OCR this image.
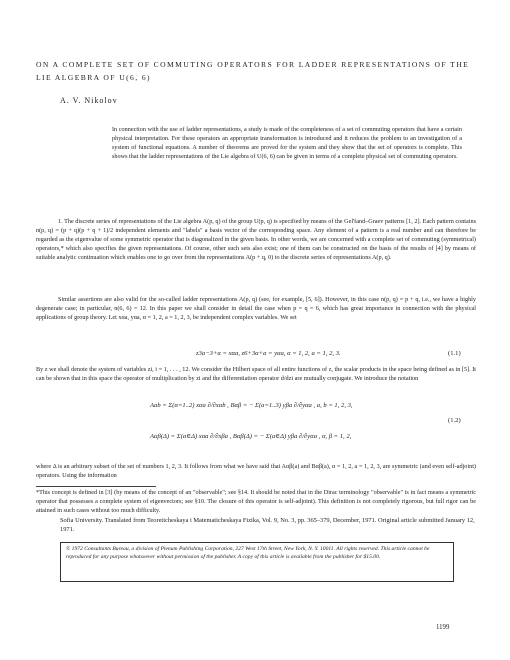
ON A COMPLETE SET OF COMMUTING OPERATORS FOR LADDER REPRESENTATIONS OF THE LIE ALGEBRA OF U(6, 6)
A. V. Nikolov
In connection with the use of ladder representations, a study is made of the completeness of a set of commuting operators that have a certain physical interpretation. For these operators an appropriate transformation is introduced and it reduces the problem to an investigation of a system of functional equations. A number of theorems are proved for the system and they show that the set of operators is complete. This shows that the ladder representations of the Lie algebra of U(6, 6) can be given in terms of a complete physical set of commuting operators.

1. The discrete series of representations of the Lie algebra A(p, q) of the group U(p, q) is specified by means of the Gel'fand–Graev patterns [1, 2]. Each pattern contains n(p, q) = (p + q)(p + q + 1)/2 independent elements and "labels" a basis vector of the corresponding space. Any element of a pattern is a real number and can therefore be regarded as the eigenvalue of some symmetric operator that is diagonalized in the given basis. In other words, we are concerned with a complete set of commuting (symmetrical) operators,* which also specifies the given representations. Of course, other such sets also exist; one of them can be constructed on the basis of the results of [4] by means of suitable analytic continuation which enables one to go over from the representations A(p + q, 0) to the discrete series of representations A(p, q).

Similar assertions are also valid for the so-called ladder representations A(p, q) (see, for example, [5, 6]). However, in this case n(p, q) = p + q, i.e., we have a highly degenerate case; in particular, n(6, 6) = 12. In this paper we shall consider in detail the case when p = q = 6, which has great importance in connection with the physical applications of group theory. Let xαa, yαa, α = 1, 2, a = 1, 2, 3, be independent complex variables. We set

z3a−3+α = xαa, z6+3α+a = yαa, α = 1, 2, a = 1, 2, 3.	(1.1)

By z we shall denote the system of variables zi, i = 1, . . . , 12. We consider the Hilbert space of all entire functions of z, the scalar products in the space being defined as in [5]. It can be shown that in this space the operator of multiplication by zi and the differentiation operator d/dzi are mutually conjugate. We introduce the notation

Aab = Σ(α=1..2) xαa ∂/∂xαb , Bαβ = − Σ(a=1..3) yβa ∂/∂yαa , a, b = 1, 2, 3,
Aαβ(Δ) = Σ(a∈Δ) xαa ∂/∂xβa , Bαβ(Δ) = − Σ(a∈Δ) yβa ∂/∂yαa , α, β = 1, 2,
(1.2)

where Δ is an arbitrary subset of the set of numbers 1, 2, 3. It follows from what we have said that Aαβ(a) and Bαβ(a), α = 1, 2, a = 1, 2, 3, are symmetric (and even self-adjoint) operators. Using the information

*This concept is defined in [3] (by means of the concept of an "observable"; see §14. It should be noted that in the Dirac terminology "observable" is in fact means a symmetric operator that possesses a complete system of eigenvectors; see §10. The closure of this operator is self-adjoint). This definition is not completely rigorous, but full rigor can be attained in such cases without too much difficulty.
Sofia University. Translated from Teoreticheskaya i Matematicheskaya Fizika, Vol. 9, No. 3, pp. 365–379, December, 1971. Original article submitted January 12, 1971.
© 1972 Consultants Bureau, a division of Plenum Publishing Corporation, 227 West 17th Street, New York, N. Y. 10011. All rights reserved. This article cannot be reproduced for any purpose whatsoever without permission of the publisher. A copy of this article is available from the publisher for $15.00.
1199
